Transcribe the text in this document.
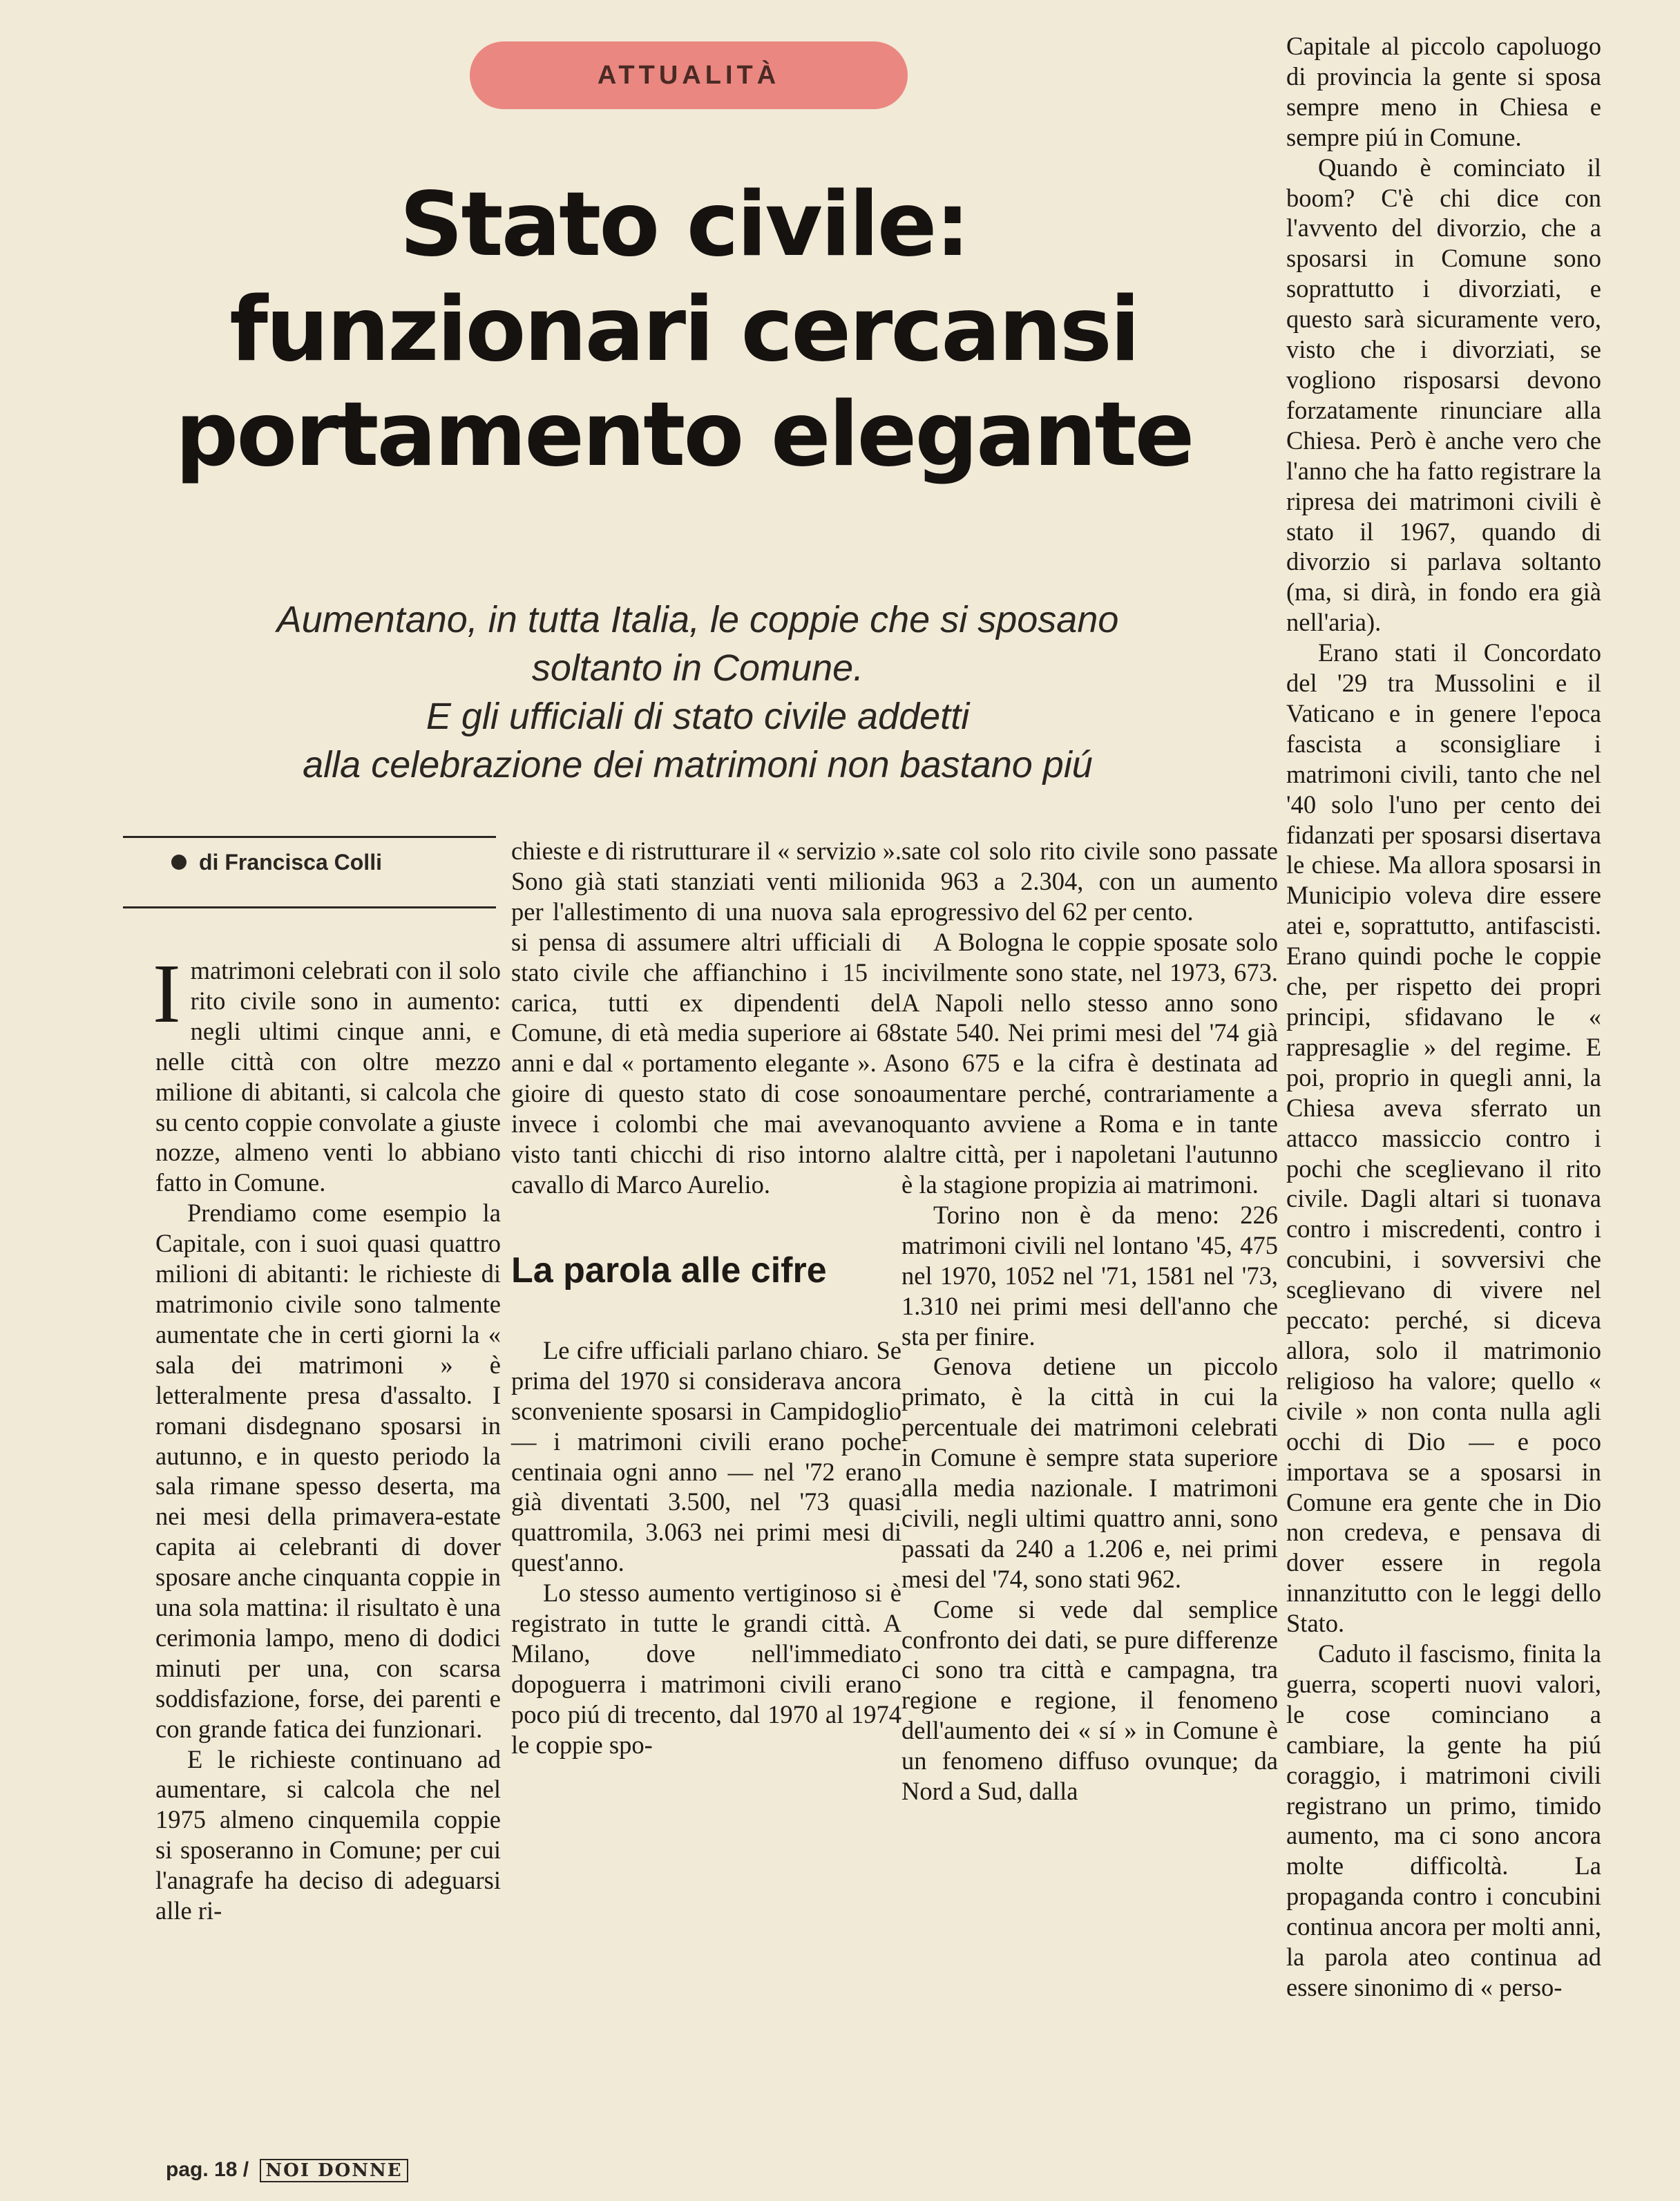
ATTUALITÀ
Stato civile:
funzionari cercansi
portamento elegante
Aumentano, in tutta Italia, le coppie che si sposano
soltanto in Comune.
E gli ufficiali di stato civile addetti
alla celebrazione dei matrimoni non bastano piú
di Francisca Colli

Imatrimoni celebrati con il solo rito civile sono in aumento: negli ultimi cinque anni, e nelle città con oltre mezzo milione di abitanti, si calcola che su cento coppie convolate a giuste nozze, almeno venti lo abbiano fatto in Comune.

Prendiamo come esempio la Capitale, con i suoi quasi quattro milioni di abitanti: le richieste di matrimonio civile sono talmente aumentate che in certi giorni la « sala dei matrimoni » è letteralmente presa d'assalto. I romani disdegnano sposarsi in autunno, e in questo periodo la sala rimane spesso deserta, ma nei mesi della primavera-estate capita ai celebranti di dover sposare anche cinquanta coppie in una sola mattina: il risultato è una cerimonia lampo, meno di dodici minuti per una, con scarsa soddisfazione, forse, dei parenti e con grande fatica dei funzionari.

E le richieste continuano ad aumentare, si calcola che nel 1975 almeno cinquemila coppie si sposeranno in Comune; per cui l'anagrafe ha deciso di adeguarsi alle ri-

chieste e di ristrutturare il « servizio ». Sono già stati stanziati venti milioni per l'allestimento di una nuova sala e si pensa di assumere altri ufficiali di stato civile che affianchino i 15 in carica, tutti ex dipendenti del Comune, di età media superiore ai 68 anni e dal « portamento elegante ». A gioire di questo stato di cose sono invece i colombi che mai avevano visto tanti chicchi di riso intorno al cavallo di Marco Aurelio.

La parola alle cifre

Le cifre ufficiali parlano chiaro. Se prima del 1970 si considerava ancora sconveniente sposarsi in Campidoglio — i matrimoni civili erano poche centinaia ogni anno — nel '72 erano già diventati 3.500, nel '73 quasi quattromila, 3.063 nei primi mesi di quest'anno.

Lo stesso aumento vertiginoso si è registrato in tutte le grandi città. A Milano, dove nell'immediato dopoguerra i matrimoni civili erano poco piú di trecento, dal 1970 al 1974 le coppie spo-

sate col solo rito civile sono passate da 963 a 2.304, con un aumento progressivo del 62 per cento.

A Bologna le coppie sposate solo civilmente sono state, nel 1973, 673. A Napoli nello stesso anno sono state 540. Nei primi mesi del '74 già sono 675 e la cifra è destinata ad aumentare perché, contrariamente a quanto avviene a Roma e in tante altre città, per i napoletani l'autunno è la stagione propizia ai matrimoni.

Torino non è da meno: 226 matrimoni civili nel lontano '45, 475 nel 1970, 1052 nel '71, 1581 nel '73, 1.310 nei primi mesi dell'anno che sta per finire.

Genova detiene un piccolo primato, è la città in cui la percentuale dei matrimoni celebrati in Comune è sempre stata superiore alla media nazionale. I matrimoni civili, negli ultimi quattro anni, sono passati da 240 a 1.206 e, nei primi mesi del '74, sono stati 962.

Come si vede dal semplice confronto dei dati, se pure differenze ci sono tra città e campagna, tra regione e regione, il fenomeno dell'aumento dei « sí » in Comune è un fenomeno diffuso ovunque; da Nord a Sud, dalla

Capitale al piccolo capoluogo di provincia la gente si sposa sempre meno in Chiesa e sempre piú in Comune.

Quando è cominciato il boom? C'è chi dice con l'avvento del divorzio, che a sposarsi in Comune sono soprattutto i divorziati, e questo sarà sicuramente vero, visto che i divorziati, se vogliono risposarsi devono forzatamente rinunciare alla Chiesa. Però è anche vero che l'anno che ha fatto registrare la ripresa dei matrimoni civili è stato il 1967, quando di divorzio si parlava soltanto (ma, si dirà, in fondo era già nell'aria).

Erano stati il Concordato del '29 tra Mussolini e il Vaticano e in genere l'epoca fascista a sconsigliare i matrimoni civili, tanto che nel '40 solo l'uno per cento dei fidanzati per sposarsi disertava le chiese. Ma allora sposarsi in Municipio voleva dire essere atei e, soprattutto, antifascisti. Erano quindi poche le coppie che, per rispetto dei propri principi, sfidavano le « rappresaglie » del regime. E poi, proprio in quegli anni, la Chiesa aveva sferrato un attacco massiccio contro i pochi che sceglievano il rito civile. Dagli altari si tuonava contro i miscredenti, contro i concubini, i sovversivi che sceglievano di vivere nel peccato: perché, si diceva allora, solo il matrimonio religioso ha valore; quello « civile » non conta nulla agli occhi di Dio — e poco importava se a sposarsi in Comune era gente che in Dio non credeva, e pensava di dover essere in regola innanzitutto con le leggi dello Stato.

Caduto il fascismo, finita la guerra, scoperti nuovi valori, le cose cominciano a cambiare, la gente ha piú coraggio, i matrimoni civili registrano un primo, timido aumento, ma ci sono ancora molte difficoltà. La propaganda contro i concubini continua ancora per molti anni, la parola ateo continua ad essere sinonimo di « perso-

pag. 18 / NOI DONNE
